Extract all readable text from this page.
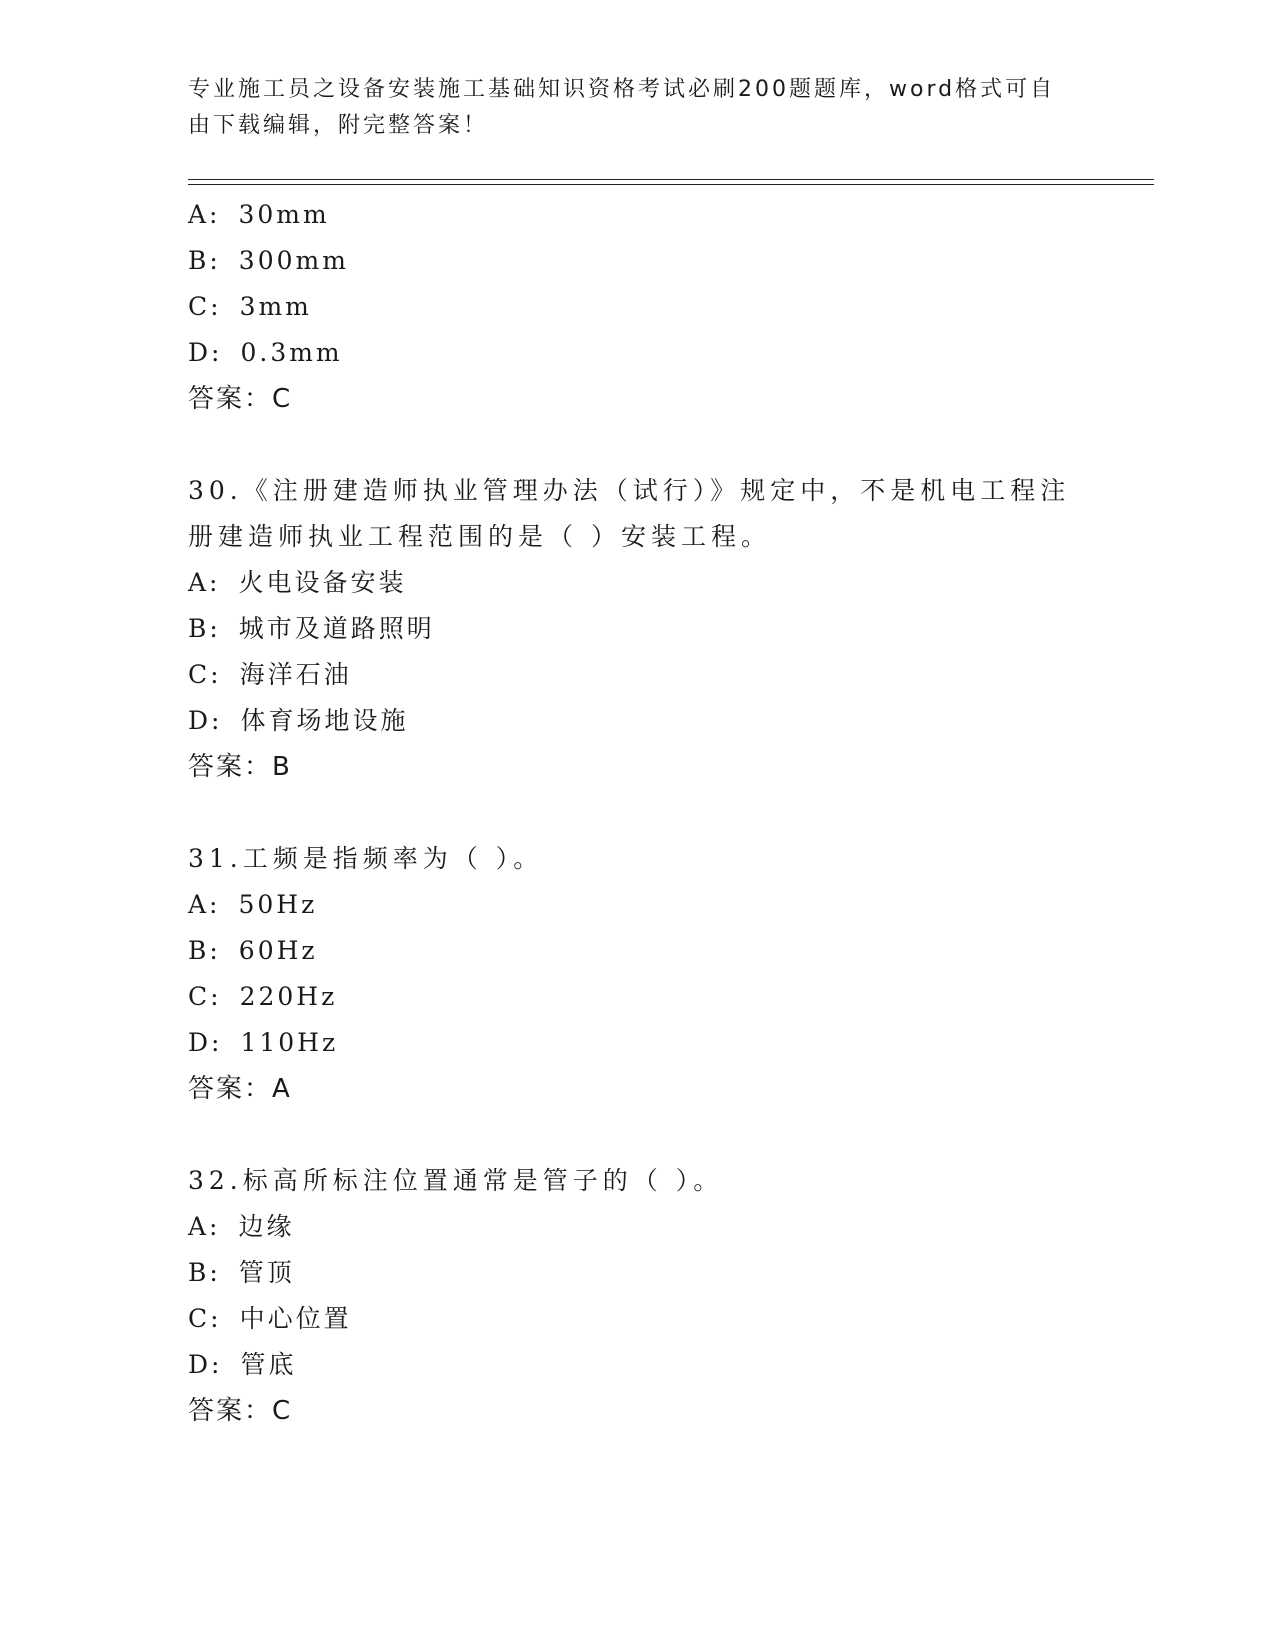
专业施工员之设备安装施工基础知识资格考试必刷200题题库，word格式可自由下载编辑，附完整答案！
A: 30mm
B: 300mm
C: 3mm
D: 0.3mm
答案：C
30.《注册建造师执业管理办法（试行）》规定中，不是机电工程注册建造师执业工程范围的是（ ）安装工程。
A: 火电设备安装
B: 城市及道路照明
C: 海洋石油
D: 体育场地设施
答案：B
31.工频是指频率为（ ）。
A: 50Hz
B: 60Hz
C: 220Hz
D: 110Hz
答案：A
32.标高所标注位置通常是管子的（ ）。
A: 边缘
B: 管顶
C: 中心位置
D: 管底
答案：C
